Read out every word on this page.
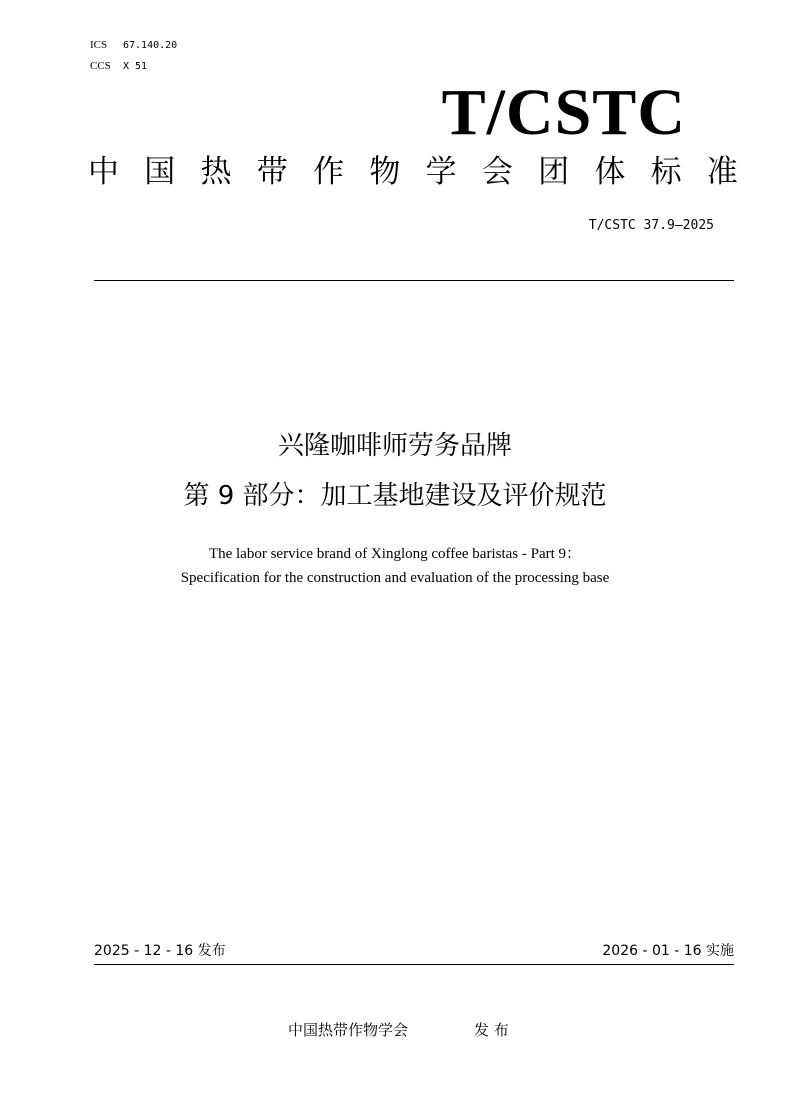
ICS 67.140.20
CCS X 51
T/CSTC
中 国 热 带 作 物 学 会 团 体 标 准
T/CSTC 37.9—2025
兴隆咖啡师劳务品牌
第 9 部分：加工基地建设及评价规范
The labor service brand of Xinglong coffee baristas - Part 9：
Specification for the construction and evaluation of the processing base
2025 - 12 - 16 发布	2026 - 01 - 16 实施
中国热带作物学会	发 布
